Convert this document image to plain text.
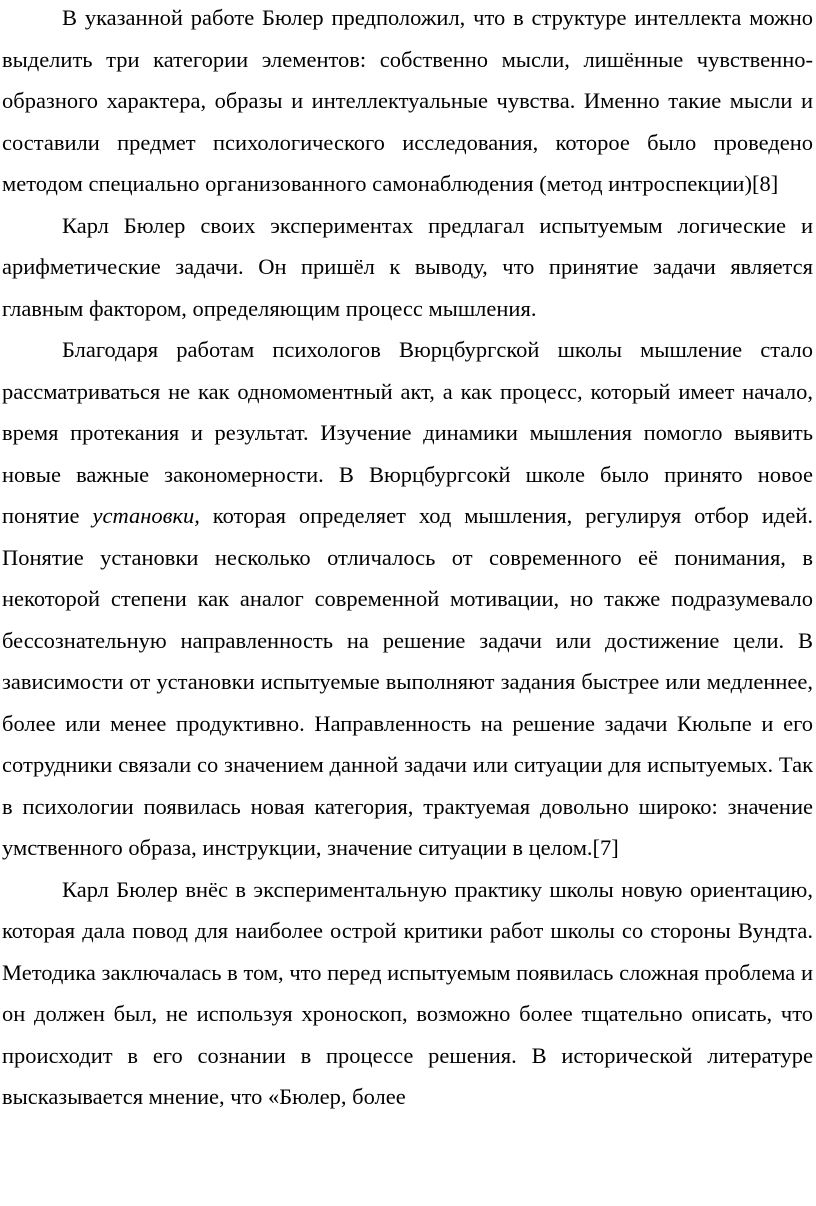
В указанной работе Бюлер предположил, что в структуре интеллекта можно выделить три категории элементов: собственно мысли, лишённые чувственно-образного характера, образы и интеллектуальные чувства. Именно такие мысли и составили предмет психологического исследования, которое было проведено методом специально организованного самонаблюдения (метод интроспекции)[8]

Карл Бюлер своих экспериментах предлагал испытуемым логические и арифметические задачи. Он пришёл к выводу, что принятие задачи является главным фактором, определяющим процесс мышления.

Благодаря работам психологов Вюрцбургской школы мышление стало рассматриваться не как одномоментный акт, а как процесс, который имеет начало, время протекания и результат. Изучение динамики мышления помогло выявить новые важные закономерности. В Вюрцбургсокй школе было принято новое понятие установки, которая определяет ход мышления, регулируя отбор идей. Понятие установки несколько отличалось от современного её понимания, в некоторой степени как аналог современной мотивации, но также подразумевало бессознательную направленность на решение задачи или достижение цели. В зависимости от установки испытуемые выполняют задания быстрее или медленнее, более или менее продуктивно. Направленность на решение задачи Кюльпе и его сотрудники связали со значением данной задачи или ситуации для испытуемых. Так в психологии появилась новая категория, трактуемая довольно широко: значение умственного образа, инструкции, значение ситуации в целом.[7]

Карл Бюлер внёс в экспериментальную практику школы новую ориентацию, которая дала повод для наиболее острой критики работ школы со стороны Вундта. Методика заключалась в том, что перед испытуемым появилась сложная проблема и он должен был, не используя хроноскоп, возможно более тщательно описать, что происходит в его сознании в процессе решения. В исторической литературе высказывается мнение, что «Бюлер, более
